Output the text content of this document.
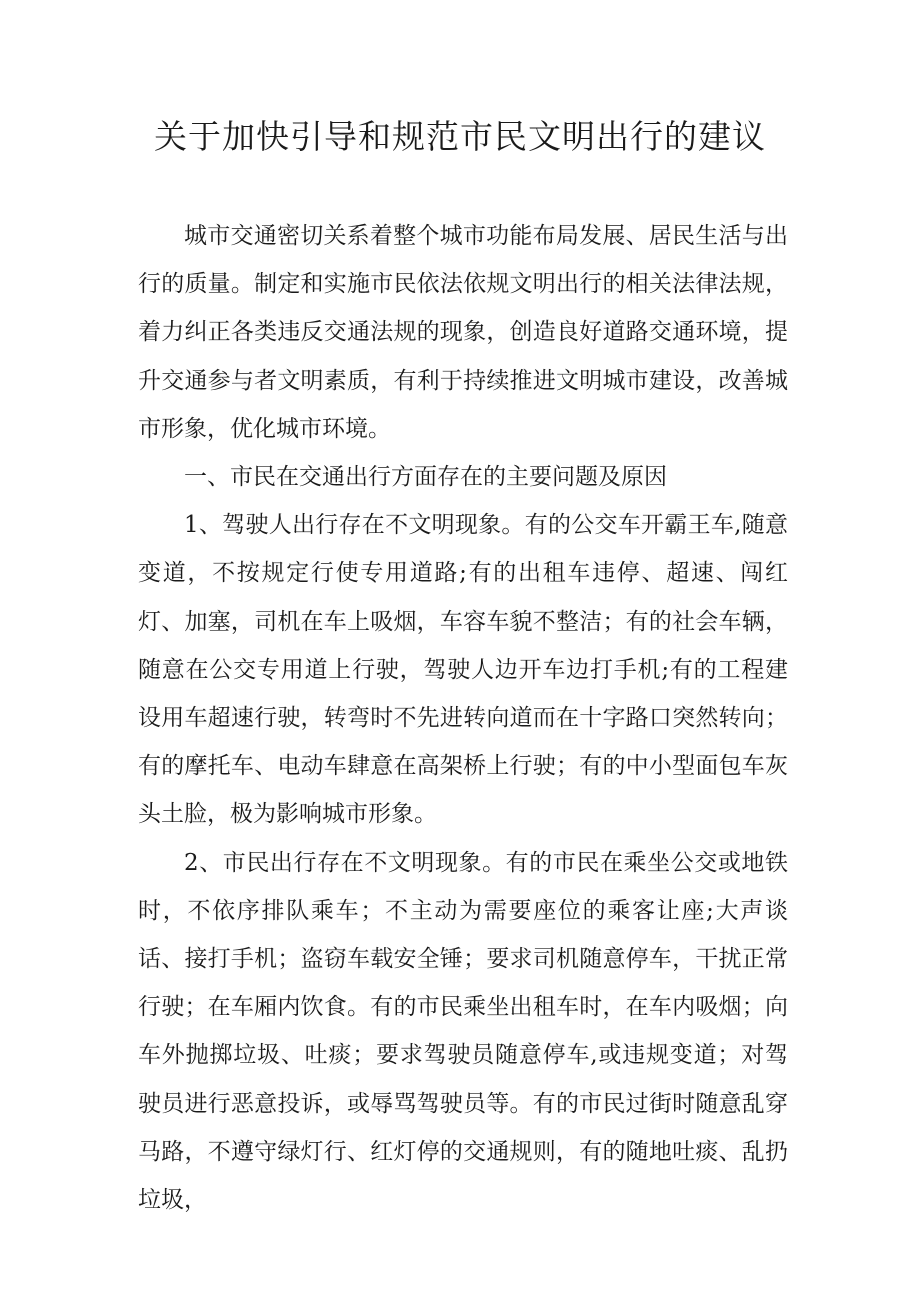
关于加快引导和规范市民文明出行的建议

城市交通密切关系着整个城市功能布局发展、居民生活与出行的质量。制定和实施市民依法依规文明出行的相关法律法规，着力纠正各类违反交通法规的现象，创造良好道路交通环境，提升交通参与者文明素质，有利于持续推进文明城市建设，改善城市形象，优化城市环境。

一、市民在交通出行方面存在的主要问题及原因

1、驾驶人出行存在不文明现象。有的公交车开霸王车,随意变道，不按规定行使专用道路;有的出租车违停、超速、闯红灯、加塞，司机在车上吸烟，车容车貌不整洁；有的社会车辆，随意在公交专用道上行驶，驾驶人边开车边打手机;有的工程建设用车超速行驶，转弯时不先进转向道而在十字路口突然转向；有的摩托车、电动车肆意在高架桥上行驶；有的中小型面包车灰头土脸，极为影响城市形象。

2、市民出行存在不文明现象。有的市民在乘坐公交或地铁时，不依序排队乘车；不主动为需要座位的乘客让座;大声谈话、接打手机；盗窃车载安全锤；要求司机随意停车，干扰正常行驶；在车厢内饮食。有的市民乘坐出租车时，在车内吸烟；向车外抛掷垃圾、吐痰；要求驾驶员随意停车,或违规变道；对驾驶员进行恶意投诉，或辱骂驾驶员等。有的市民过街时随意乱穿马路，不遵守绿灯行、红灯停的交通规则，有的随地吐痰、乱扔垃圾，
